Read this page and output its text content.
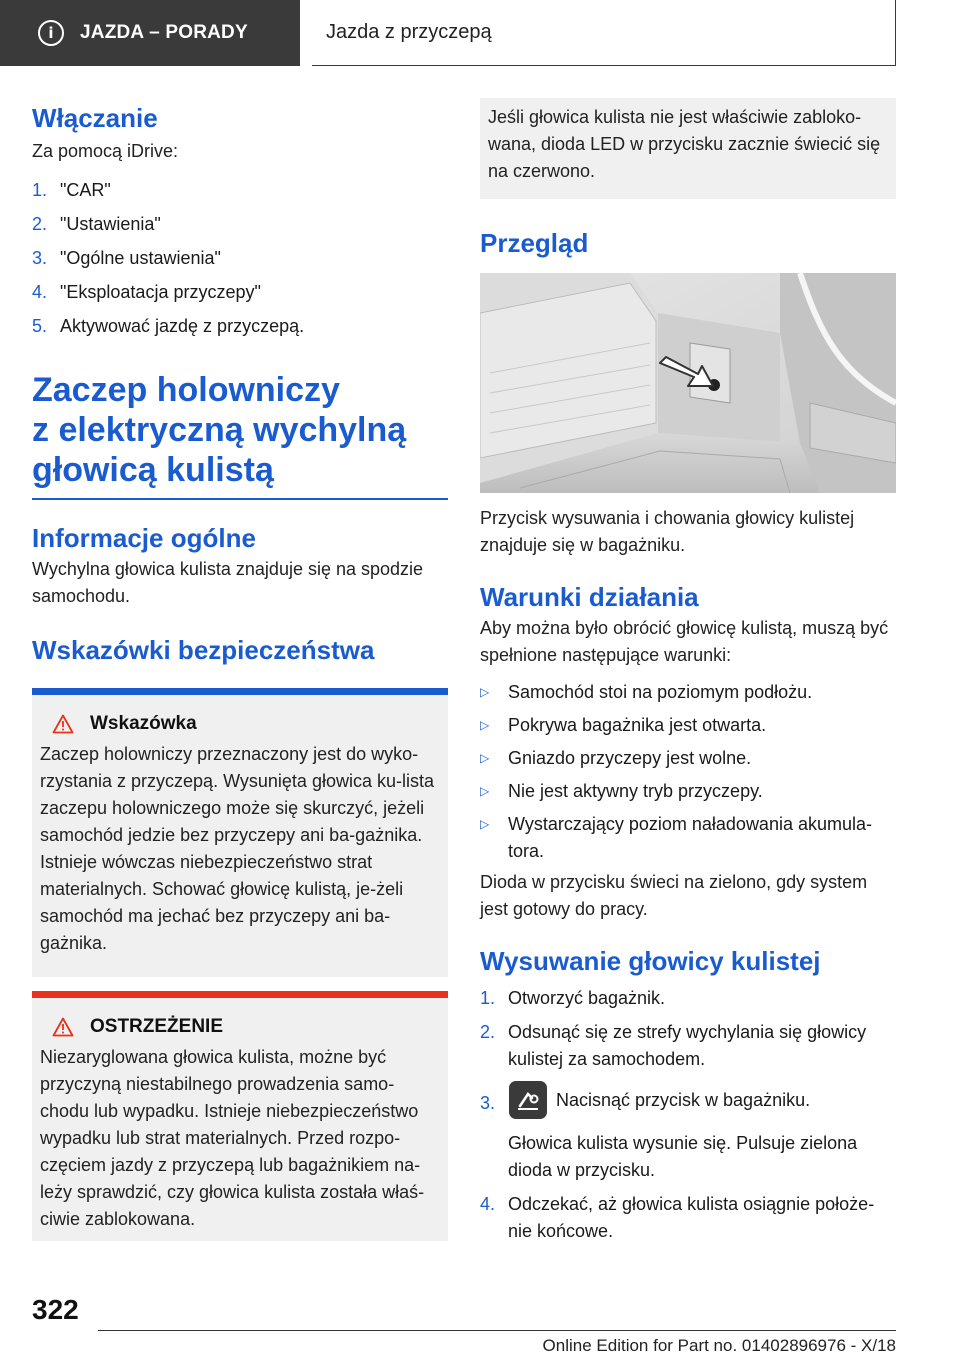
i	JAZDA – PORADY	Jazda z przyczepą
Włączanie

Za pomocą iDrive:

1. "CAR"
2. "Ustawienia"
3. "Ogólne ustawienia"
4. "Eksploatacja przyczepy"
5. Aktywować jazdę z przyczepą.
Zaczep holowniczy
z elektryczną wychylną
głowicą kulistą
Informacje ogólne

Wychylna głowica kulista znajduje się na spodzie samochodu.

Wskazówki bezpieczeństwa
Wskazówka

Zaczep holowniczy przeznaczony jest do wyko-rzystania z przyczepą. Wysunięta głowica ku-lista zaczepu holowniczego może się skurczyć, jeżeli samochód jedzie bez przyczepy ani ba-gażnika. Istnieje wówczas niebezpieczeństwo strat materialnych. Schować głowicę kulistą, je-żeli samochód ma jechać bez przyczepy ani ba-gażnika.

OSTRZEŻENIE

Niezaryglowana głowica kulista, możne być przyczyną niestabilnego prowadzenia samo-chodu lub wypadku. Istnieje niebezpieczeństwo wypadku lub strat materialnych. Przed rozpo-częciem jazdy z przyczepą lub bagażnikiem na-leży sprawdzić, czy głowica kulista została właś-ciwie zablokowana.

Jeśli głowica kulista nie jest właściwie zabloko-wana, dioda LED w przycisku zacznie świecić się na czerwono.

Przegląd

Przycisk wysuwania i chowania głowicy kulistej znajduje się w bagażniku.

Warunki działania

Aby można było obrócić głowicę kulistą, muszą być spełnione następujące warunki:

▷	Samochód stoi na poziomym podłożu.
▷	Pokrywa bagażnika jest otwarta.
▷	Gniazdo przyczepy jest wolne.
▷	Nie jest aktywny tryb przyczepy.
▷	Wystarczający poziom naładowania akumula-tora.

Dioda w przycisku świeci na zielono, gdy system jest gotowy do pracy.

Wysuwanie głowicy kulistej
1. Otworzyć bagażnik.
2. Odsunąć się ze strefy wychylania się głowicy kulistej za samochodem.
3.	Nacisnąć przycisk w bagażniku.
Głowica kulista wysunie się. Pulsuje zielona dioda w przycisku.
4. Odczekać, aż głowica kulista osiągnie położe-nie końcowe.
322
Online Edition for Part no. 01402896976 - X/18
